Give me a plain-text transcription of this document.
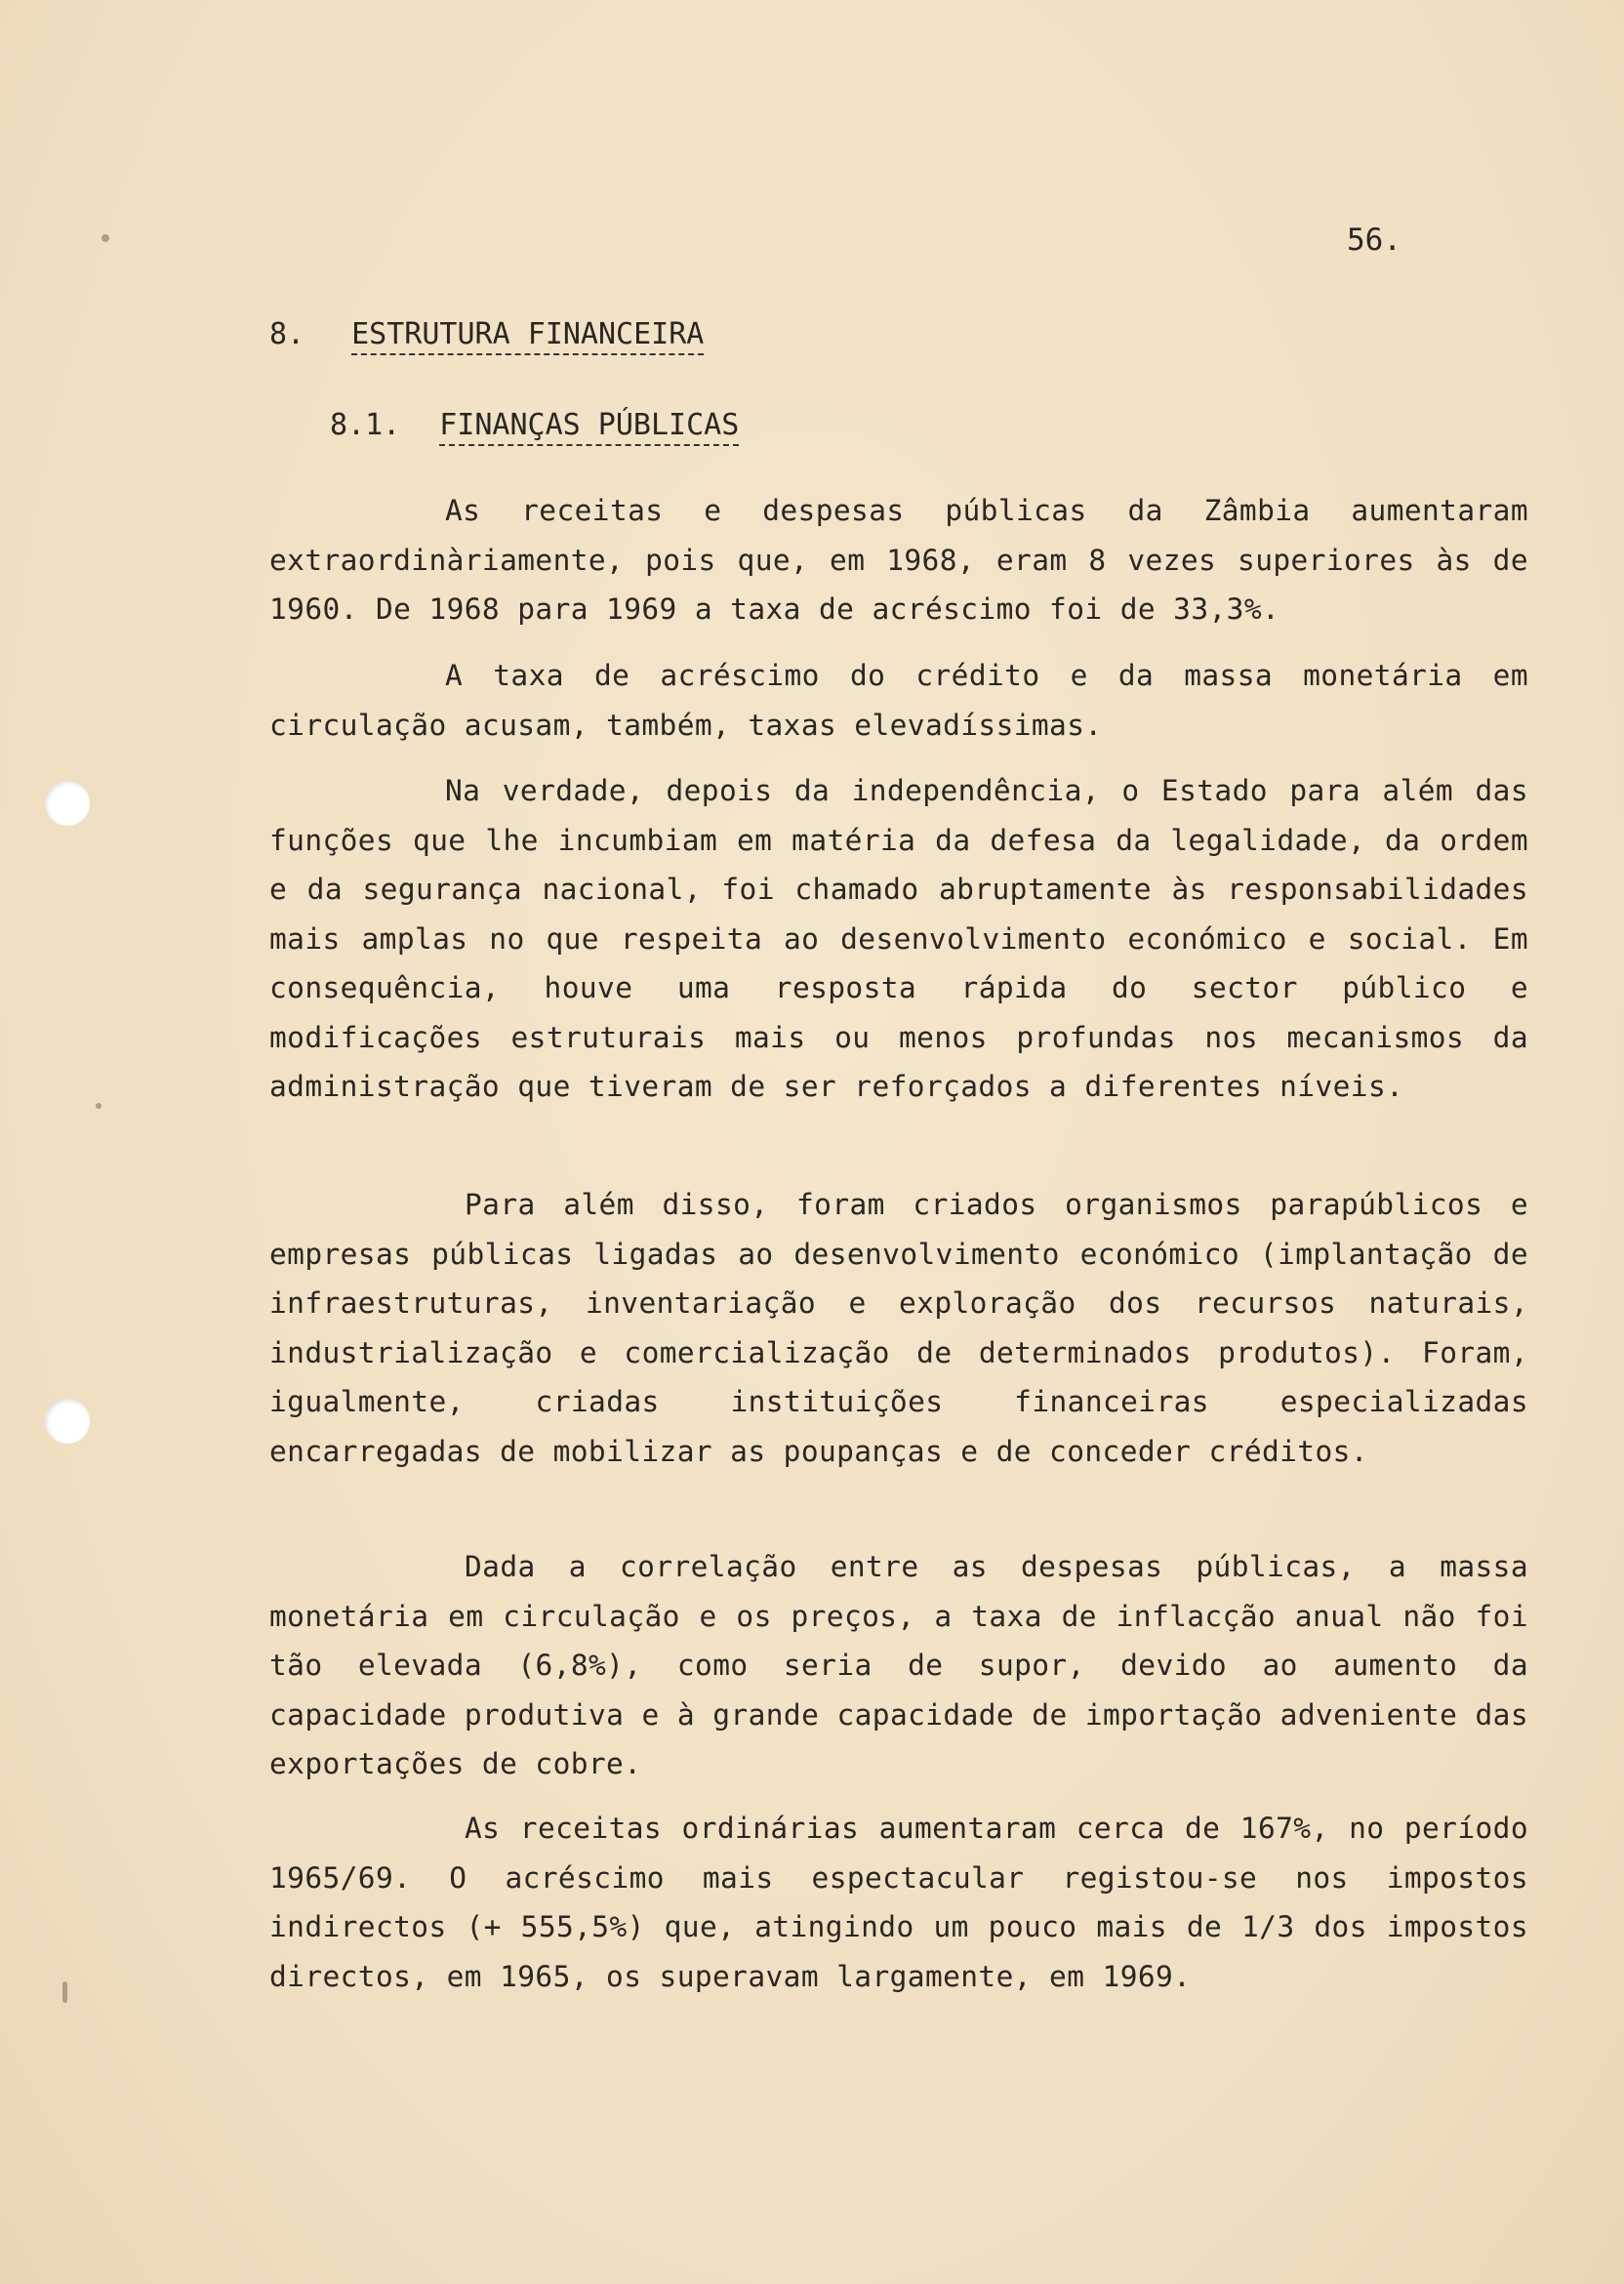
56.
8. ESTRUTURA FINANCEIRA
8.1. FINANÇAS PÚBLICAS

As receitas e despesas públicas da Zâmbia aumentaram extraordinàriamente, pois que, em 1968, eram 8 vezes superiores às de 1960. De 1968 para 1969 a taxa de acréscimo foi de 33,3%.

A taxa de acréscimo do crédito e da massa monetária em circulação acusam, também, taxas elevadíssimas.

Na verdade, depois da independência, o Estado para além das funções que lhe incumbiam em matéria da defesa da legalidade, da ordem e da segurança nacional, foi chamado abruptamente às responsabilidades mais amplas no que respeita ao desenvolvimento económico e social. Em consequência, houve uma resposta rápida do sector público e modificações estruturais mais ou menos profundas nos mecanismos da administração que tiveram de ser reforçados a diferentes níveis.

Para além disso, foram criados organismos parapúblicos e empresas públicas ligadas ao desenvolvimento económico (implantação de infraestruturas, inventariação e exploração dos recursos naturais, industrialização e comercialização de determinados produtos). Foram, igualmente, criadas instituições financeiras especializadas encarregadas de mobilizar as poupanças e de conceder créditos.

Dada a correlação entre as despesas públicas, a massa monetária em circulação e os preços, a taxa de inflacção anual não foi tão elevada (6,8%), como seria de supor, devido ao aumento da capacidade produtiva e à grande capacidade de importação adveniente das exportações de cobre.

As receitas ordinárias aumentaram cerca de 167%, no período 1965/69. O acréscimo mais espectacular registou-se nos impostos indirectos (+ 555,5%) que, atingindo um pouco mais de 1/3 dos impostos directos, em 1965, os superavam largamente, em 1969.
